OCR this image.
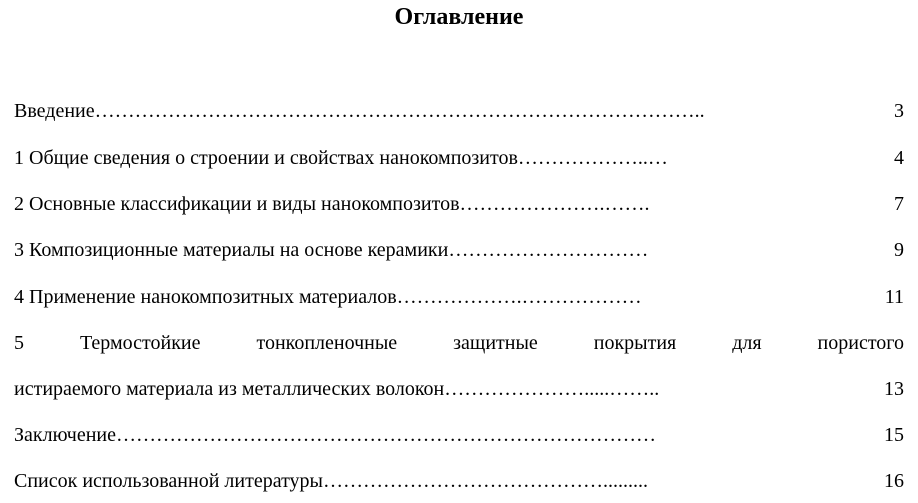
Оглавление
Введение ………………………………………………………………………………..	3
1 Общие сведения о строении и свойствах нанокомпозитов ………………..…	4
2 Основные классификации и виды нанокомпозитов ………………….…….	7
3 Композиционные материалы на основе керамики …………………………	9
4 Применение нанокомпозитных материалов ……………….………………	11
5 Термостойкие тонкопленочные защитные покрытия для пористого
истираемого материала из металлических волокон ………………….....……..	13
Заключение ………………………………………………………………………	15
Список использованной литературы …………………………………….........	16
